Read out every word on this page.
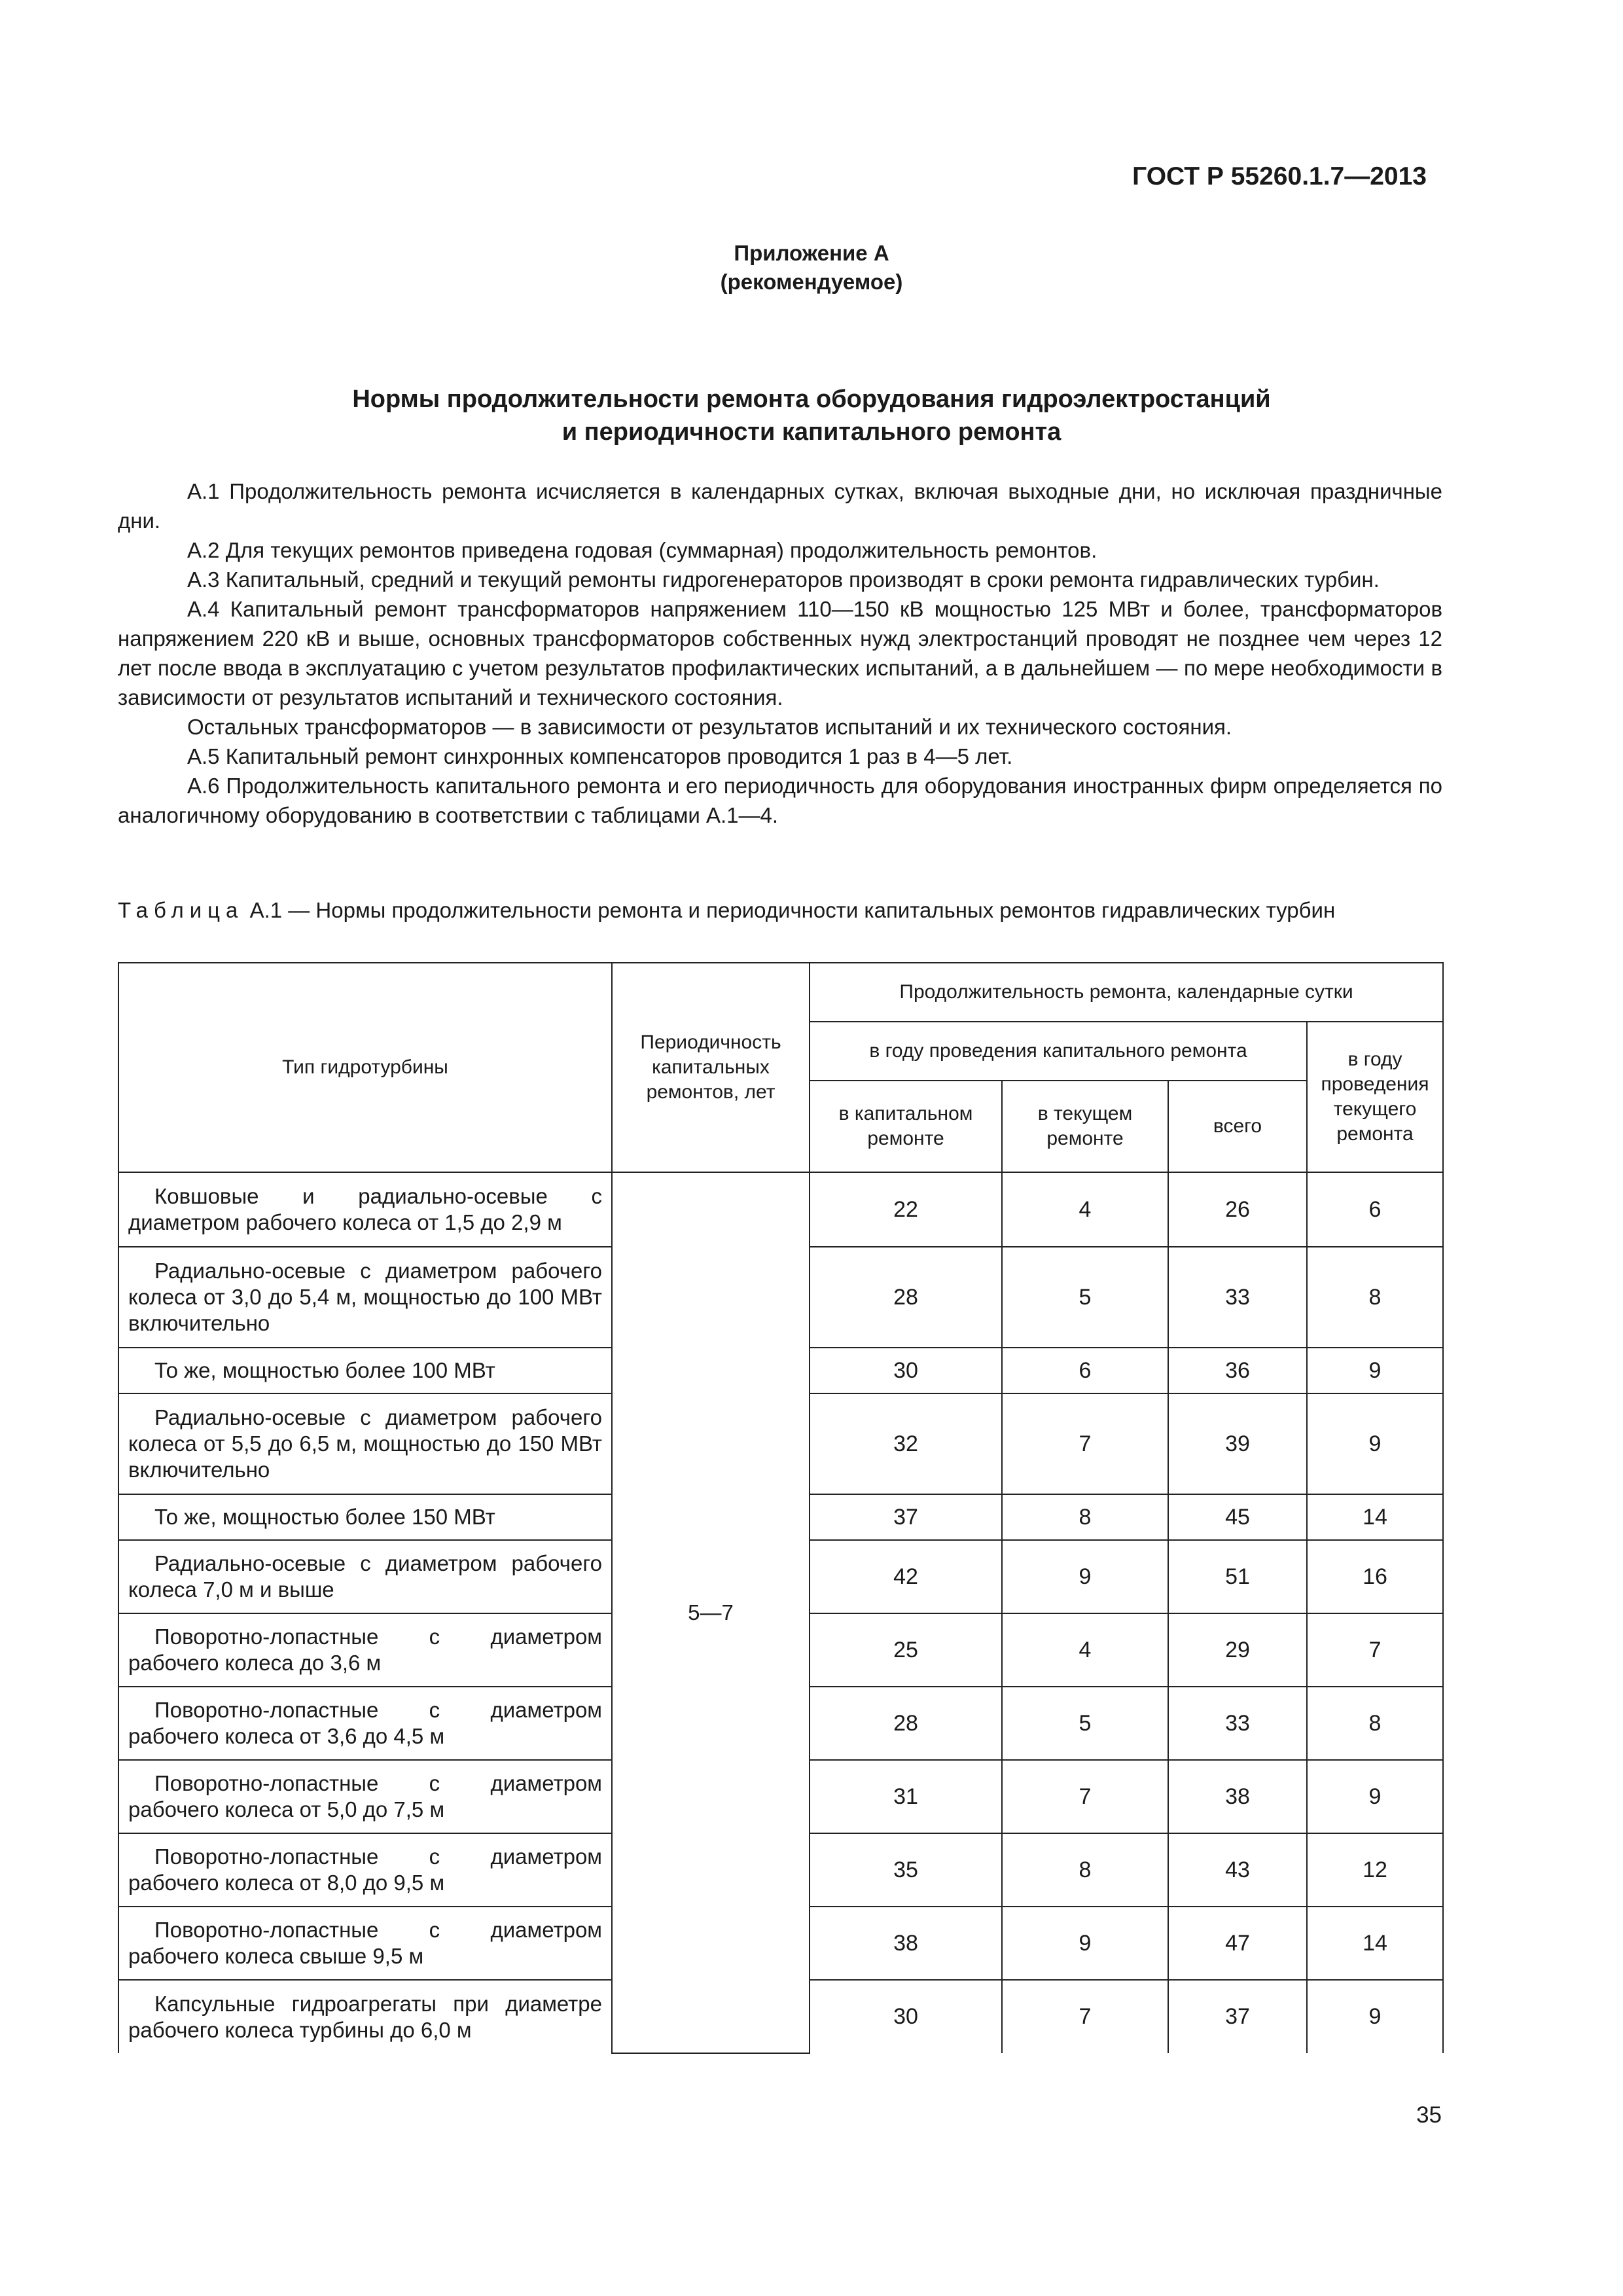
ГОСТ Р 55260.1.7—2013
Приложение А
(рекомендуемое)
Нормы продолжительности ремонта оборудования гидроэлектростанций
и периодичности капитального ремонта

А.1 Продолжительность ремонта исчисляется в календарных сутках, включая выходные дни, но исключая праздничные дни.

А.2 Для текущих ремонтов приведена годовая (суммарная) продолжительность ремонтов.

А.3 Капитальный, средний и текущий ремонты гидрогенераторов производят в сроки ремонта гидравлических турбин.

А.4 Капитальный ремонт трансформаторов напряжением 110—150 кВ мощностью 125 МВт и более, трансформаторов напряжением 220 кВ и выше, основных трансформаторов собственных нужд электростанций проводят не позднее чем через 12 лет после ввода в эксплуатацию с учетом результатов профилактических испытаний, а в дальнейшем — по мере необходимости в зависимости от результатов испытаний и технического состояния.

Остальных трансформаторов — в зависимости от результатов испытаний и их технического состояния.

А.5 Капитальный ремонт синхронных компенсаторов проводится 1 раз в 4—5 лет.

А.6 Продолжительность капитального ремонта и его периодичность для оборудования иностранных фирм определяется по аналогичному оборудованию в соответствии с таблицами А.1—4.

Таблица А.1 — Нормы продолжительности ремонта и периодичности капитальных ремонтов гидравлических турбин
Тип гидротурбины	Периодичность капитальных ремонтов, лет	Продолжительность ремонта, календарные сутки			
		в году проведения капитального ремонта			в году проведения текущего ремонта
		в капитальном ремонте	в текущем ремонте	всего	

Ковшовые и радиально-осевые с диаметром рабочего колеса от 1,5 до 2,9 м	5—7	22	4	26	6

Радиально-осевые с диаметром рабочего колеса от 3,0 до 5,4 м, мощностью до 100 МВт включительно		28	5	33	8

То же, мощностью более 100 МВт		30	6	36	9

Радиально-осевые с диаметром рабочего колеса от 5,5 до 6,5 м, мощностью до 150 МВт включительно		32	7	39	9

То же, мощностью более 150 МВт		37	8	45	14

Радиально-осевые с диаметром рабочего колеса 7,0 м и выше		42	9	51	16

Поворотно-лопастные с диаметром рабочего колеса до 3,6 м		25	4	29	7

Поворотно-лопастные с диаметром рабочего колеса от 3,6 до 4,5 м		28	5	33	8

Поворотно-лопастные с диаметром рабочего колеса от 5,0 до 7,5 м		31	7	38	9

Поворотно-лопастные с диаметром рабочего колеса от 8,0 до 9,5 м		35	8	43	12

Поворотно-лопастные с диаметром рабочего колеса свыше 9,5 м		38	9	47	14

Капсульные гидроагрегаты при диаметре рабочего колеса турбины до 6,0 м		30	7	37	9
35
